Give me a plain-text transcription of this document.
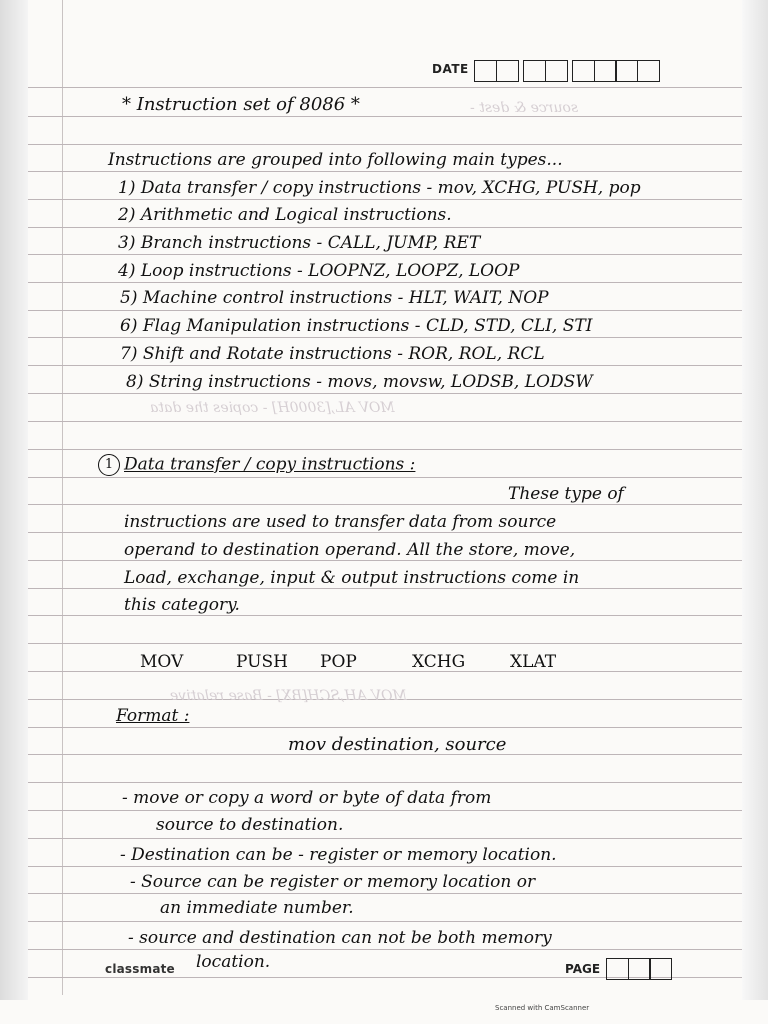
source & dest -
MOV AL,[3000H] - copies the data
MOV AH,SCH[BX] - Base relative
DATE
* Instruction set of 8086 *
Instructions are grouped into following main types...
1) Data transfer / copy instructions - mov, XCHG, PUSH, pop
2) Arithmetic and Logical instructions.
3) Branch instructions - CALL, JUMP, RET
4) Loop instructions - LOOPNZ, LOOPZ, LOOP
5) Machine control instructions - HLT, WAIT, NOP
6) Flag Manipulation instructions - CLD, STD, CLI, STI
7) Shift and Rotate instructions - ROR, ROL, RCL
8) String instructions - movs, movsw, LODSB, LODSW
1 Data transfer / copy instructions :
These type of
instructions are used to transfer data from source
operand to destination operand. All the store, move,
Load, exchange, input & output instructions come in
this category.
MOV	PUSH POP	XCHG	XLAT
Format :
mov destination, source
- move or copy a word or byte of data from
source to destination.
- Destination can be - register or memory location.
- Source can be register or memory location or
an immediate number.
- source and destination can not be both memory
location.
classmate	PAGE
Scanned with CamScanner
